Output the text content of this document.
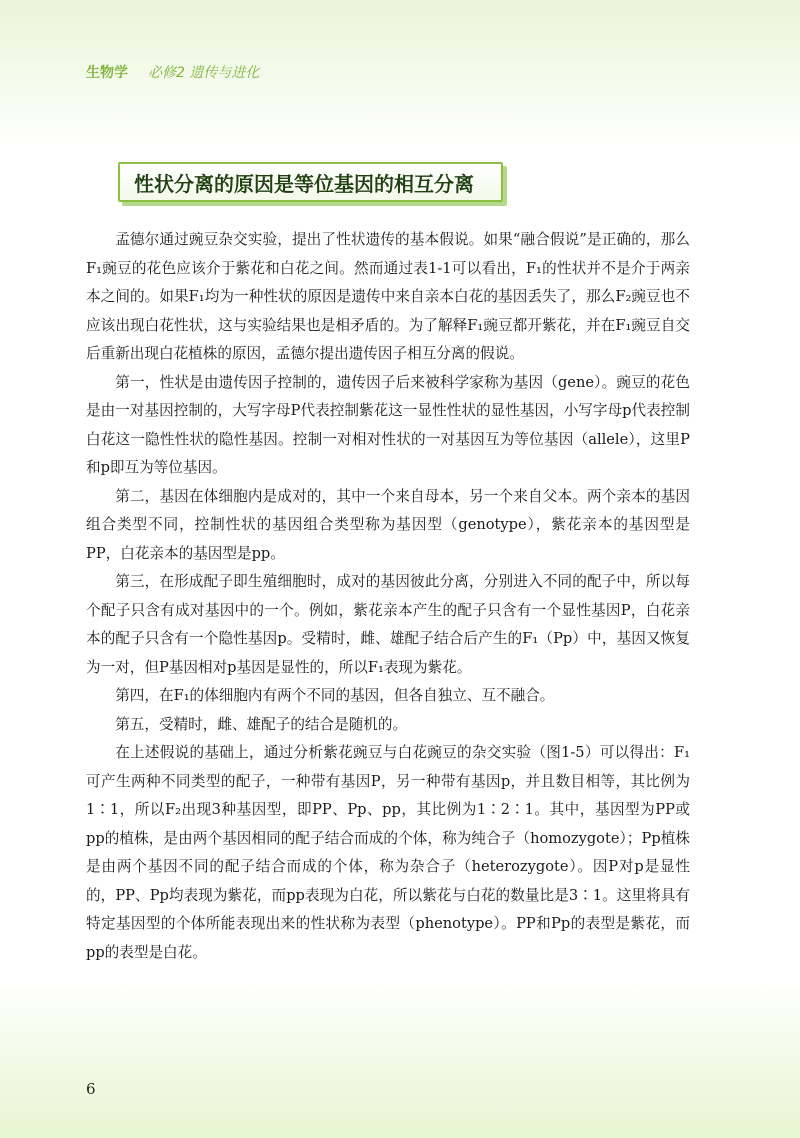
生物学 必修2 遗传与进化
性状分离的原因是等位基因的相互分离

孟德尔通过豌豆杂交实验，提出了性状遗传的基本假说。如果“融合假说”是正确的，那么F₁豌豆的花色应该介于紫花和白花之间。然而通过表1-1可以看出，F₁的性状并不是介于两亲本之间的。如果F₁均为一种性状的原因是遗传中来自亲本白花的基因丢失了，那么F₂豌豆也不应该出现白花性状，这与实验结果也是相矛盾的。为了解释F₁豌豆都开紫花，并在F₁豌豆自交后重新出现白花植株的原因，孟德尔提出遗传因子相互分离的假说。

第一，性状是由遗传因子控制的，遗传因子后来被科学家称为基因（gene）。豌豆的花色是由一对基因控制的，大写字母P代表控制紫花这一显性性状的显性基因，小写字母p代表控制白花这一隐性性状的隐性基因。控制一对相对性状的一对基因互为等位基因（allele），这里P和p即互为等位基因。

第二，基因在体细胞内是成对的，其中一个来自母本，另一个来自父本。两个亲本的基因组合类型不同，控制性状的基因组合类型称为基因型（genotype），紫花亲本的基因型是PP，白花亲本的基因型是pp。

第三，在形成配子即生殖细胞时，成对的基因彼此分离，分别进入不同的配子中，所以每个配子只含有成对基因中的一个。例如，紫花亲本产生的配子只含有一个显性基因P，白花亲本的配子只含有一个隐性基因p。受精时，雌、雄配子结合后产生的F₁（Pp）中，基因又恢复为一对，但P基因相对p基因是显性的，所以F₁表现为紫花。

第四，在F₁的体细胞内有两个不同的基因，但各自独立、互不融合。

第五，受精时，雌、雄配子的结合是随机的。

在上述假说的基础上，通过分析紫花豌豆与白花豌豆的杂交实验（图1-5）可以得出：F₁可产生两种不同类型的配子，一种带有基因P，另一种带有基因p，并且数目相等，其比例为1∶1，所以F₂出现3种基因型，即PP、Pp、pp，其比例为1∶2∶1。其中，基因型为PP或pp的植株，是由两个基因相同的配子结合而成的个体，称为纯合子（homozygote）；Pp植株是由两个基因不同的配子结合而成的个体，称为杂合子（heterozygote）。因P对p是显性的，PP、Pp均表现为紫花，而pp表现为白花，所以紫花与白花的数量比是3∶1。这里将具有特定基因型的个体所能表现出来的性状称为表型（phenotype）。PP和Pp的表型是紫花，而pp的表型是白花。

6
